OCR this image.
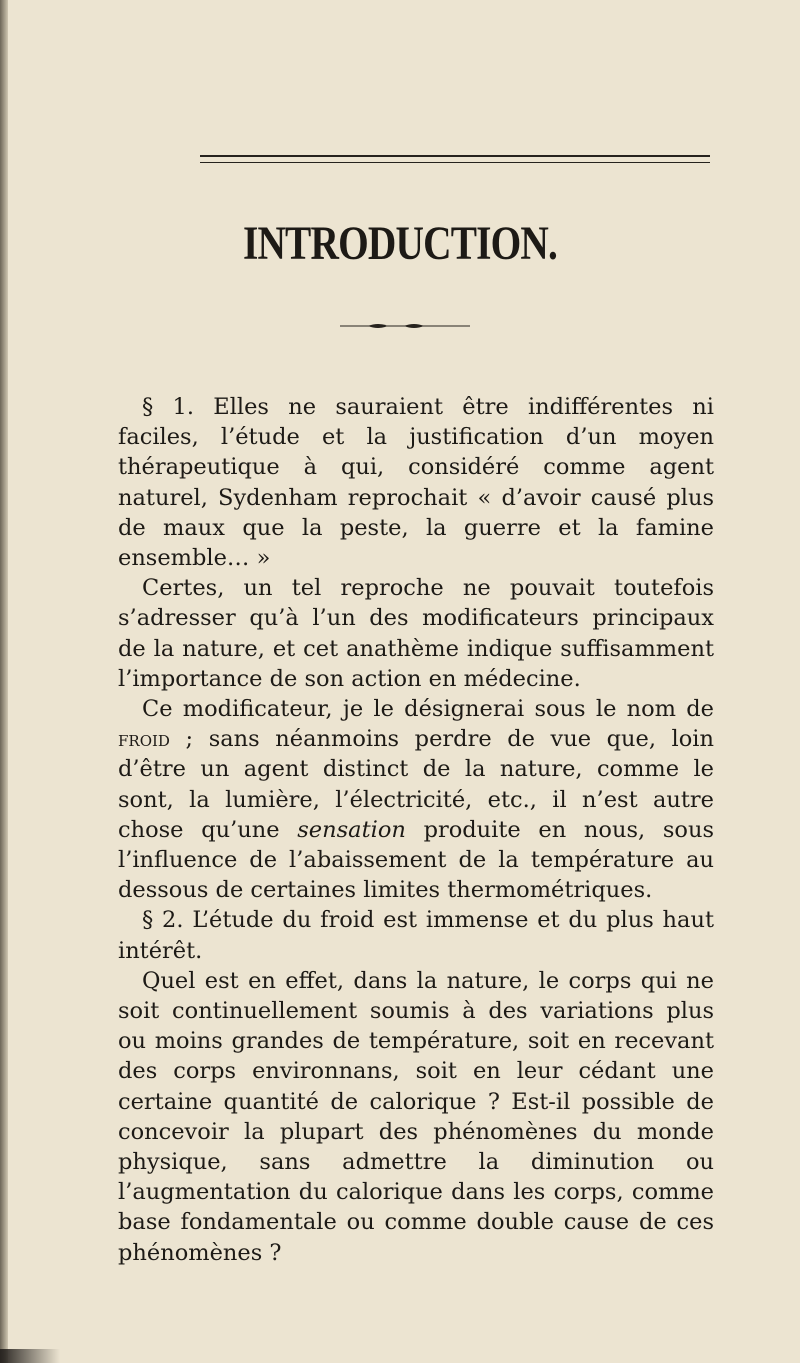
INTRODUCTION.

§ 1. Elles ne sauraient être indifférentes ni faciles, l’étude et la justification d’un moyen thérapeutique à qui, considéré comme agent naturel, Sydenham reprochait « d’avoir causé plus de maux que la peste, la guerre et la famine ensemble… »

Certes, un tel reproche ne pouvait toutefois s’adresser qu’à l’un des modificateurs principaux de la nature, et cet anathème indique suffisamment l’importance de son action en médecine.

Ce modificateur, je le désignerai sous le nom de froid ; sans néanmoins perdre de vue que, loin d’être un agent distinct de la nature, comme le sont, la lumière, l’électricité, etc., il n’est autre chose qu’une sensation produite en nous, sous l’influence de l’abaissement de la température au dessous de certaines limites thermométriques.

§ 2. L’étude du froid est immense et du plus haut intérêt.

Quel est en effet, dans la nature, le corps qui ne soit continuellement soumis à des variations plus ou moins grandes de température, soit en recevant des corps environnans, soit en leur cédant une certaine quantité de calorique ? Est-il possible de concevoir la plupart des phénomènes du monde physique, sans admettre la diminution ou l’augmentation du calorique dans les corps, comme base fondamentale ou comme double cause de ces phénomènes ?
